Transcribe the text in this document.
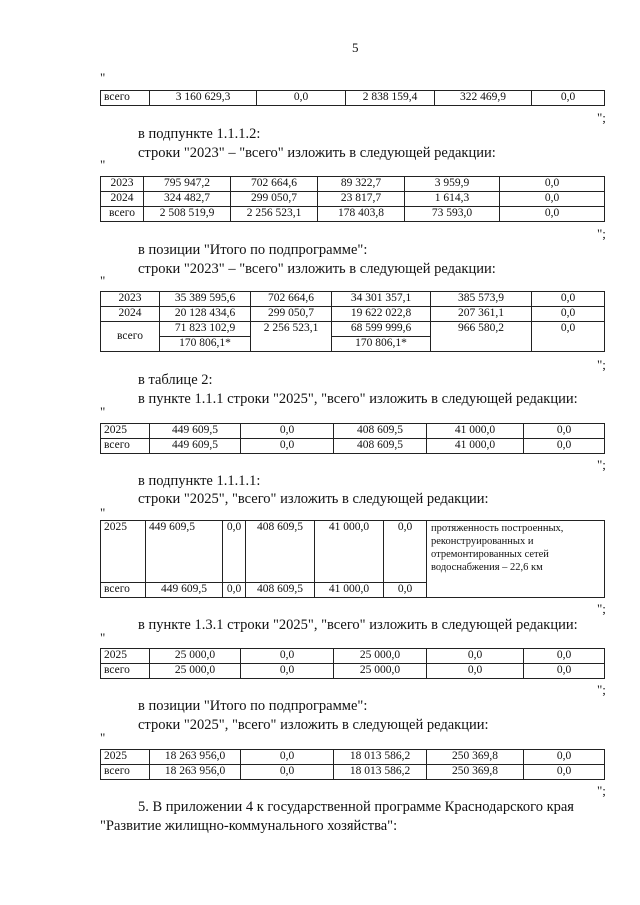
5
"
всего	3 160 629,3	0,0	2 838 159,4	322 469,9	0,0
";
в подпункте 1.1.1.2:
строки "2023" – "всего" изложить в следующей редакции:
"
2023	795 947,2	702 664,6	89 322,7	3 959,9	0,0
2024	324 482,7	299 050,7	23 817,7	1 614,3	0,0
всего	2 508 519,9	2 256 523,1	178 403,8	73 593,0	0,0
";
в позиции "Итого по подпрограмме":
строки "2023" – "всего" изложить в следующей редакции:
"
2023	35 389 595,6	702 664,6	34 301 357,1	385 573,9	0,0
2024	20 128 434,6	299 050,7	19 622 022,8	207 361,1	0,0
всего	71 823 102,9	2 256 523,1	68 599 999,6	966 580,2	0,0
	170 806,1*		170 806,1*		
";
в таблице 2:
в пункте 1.1.1 строки "2025", "всего" изложить в следующей редакции:
"
2025	449 609,5	0,0	408 609,5	41 000,0	0,0
всего	449 609,5	0,0	408 609,5	41 000,0	0,0
";
в подпункте 1.1.1.1:
строки "2025", "всего" изложить в следующей редакции:
"
2025	449 609,5	0,0	408 609,5	41 000,0	0,0	протяженность построенных, реконструированных и отремонтированных сетей водоснабжения – 22,6 км
всего	449 609,5	0,0	408 609,5	41 000,0	0,0	
";
в пункте 1.3.1 строки "2025", "всего" изложить в следующей редакции:
"
2025	25 000,0	0,0	25 000,0	0,0	0,0
всего	25 000,0	0,0	25 000,0	0,0	0,0
";
в позиции "Итого по подпрограмме":
строки "2025", "всего" изложить в следующей редакции:
"
2025	18 263 956,0	0,0	18 013 586,2	250 369,8	0,0
всего	18 263 956,0	0,0	18 013 586,2	250 369,8	0,0
";
5. В приложении 4 к государственной программе Краснодарского края
"Развитие жилищно-коммунального хозяйства":
